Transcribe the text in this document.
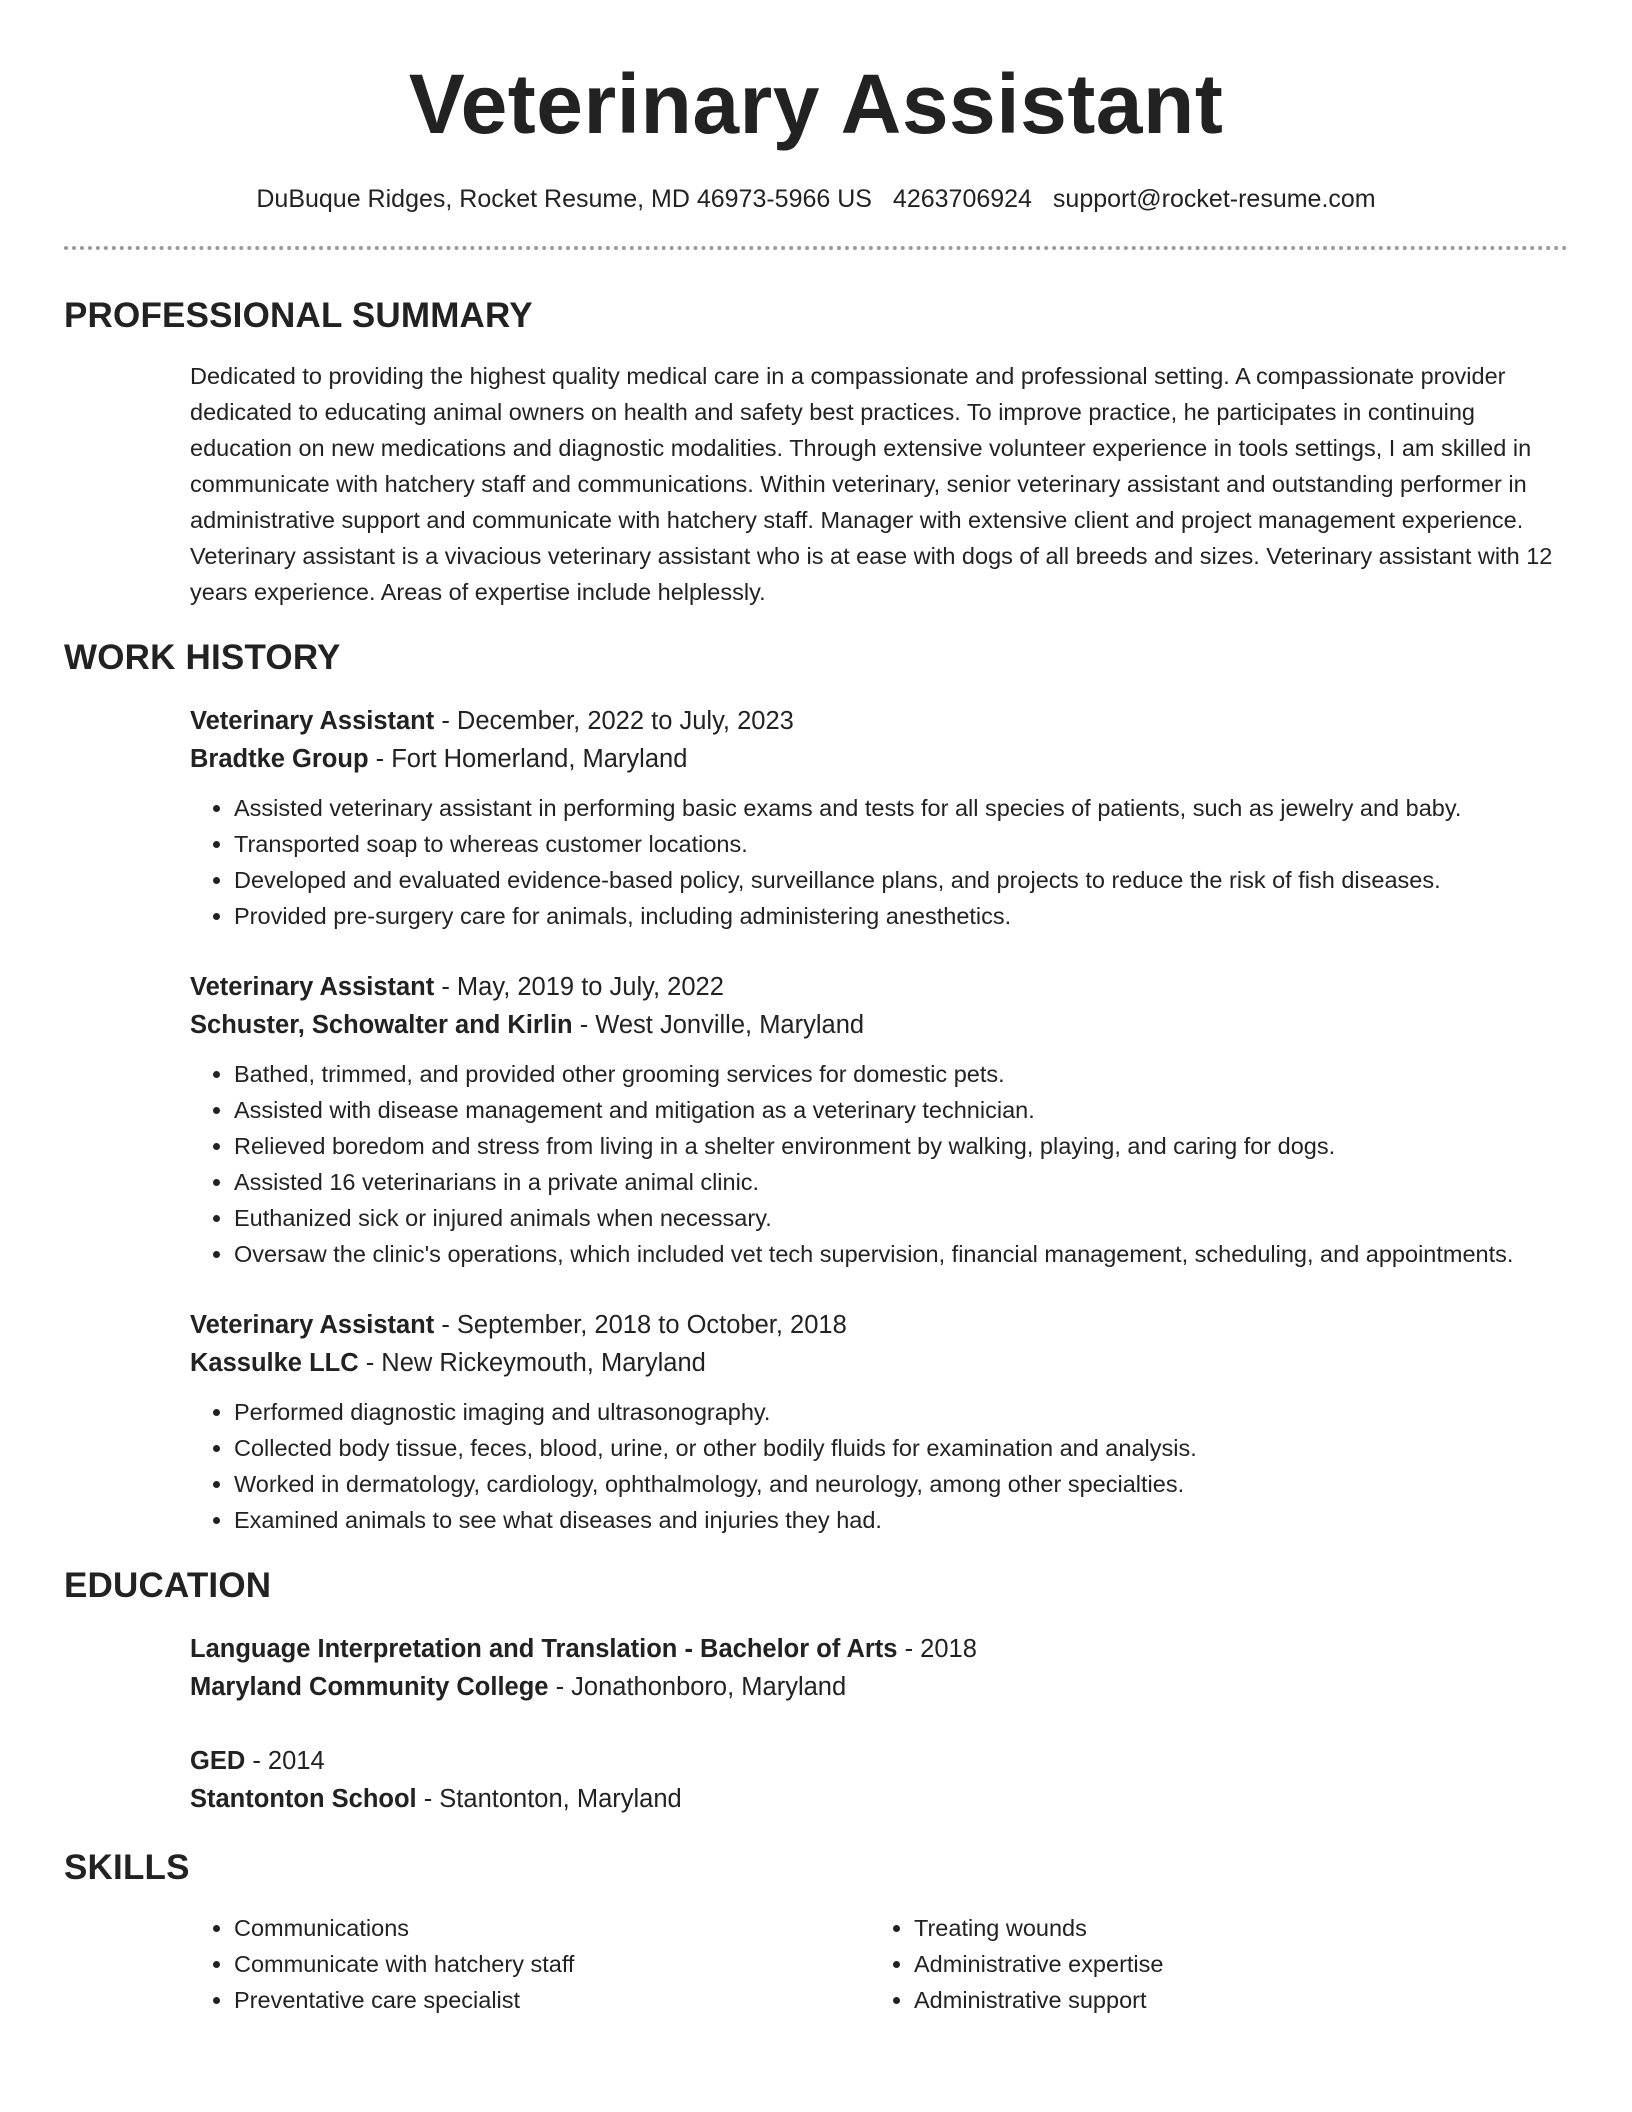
Veterinary Assistant
DuBuque Ridges, Rocket Resume, MD 46973-5966 US 4263706924 support@rocket-resume.com
PROFESSIONAL SUMMARY

Dedicated to providing the highest quality medical care in a compassionate and professional setting. A compassionate provider dedicated to educating animal owners on health and safety best practices. To improve practice, he participates in continuing education on new medications and diagnostic modalities. Through extensive volunteer experience in tools settings, I am skilled in communicate with hatchery staff and communications. Within veterinary, senior veterinary assistant and outstanding performer in administrative support and communicate with hatchery staff. Manager with extensive client and project management experience. Veterinary assistant is a vivacious veterinary assistant who is at ease with dogs of all breeds and sizes. Veterinary assistant with 12 years experience. Areas of expertise include helplessly.

WORK HISTORY
Veterinary Assistant - December, 2022 to July, 2023
Bradtke Group - Fort Homerland, Maryland
• Assisted veterinary assistant in performing basic exams and tests for all species of patients, such as jewelry and baby.
• Transported soap to whereas customer locations.
• Developed and evaluated evidence-based policy, surveillance plans, and projects to reduce the risk of fish diseases.
• Provided pre-surgery care for animals, including administering anesthetics.
Veterinary Assistant - May, 2019 to July, 2022
Schuster, Schowalter and Kirlin - West Jonville, Maryland
• Bathed, trimmed, and provided other grooming services for domestic pets.
• Assisted with disease management and mitigation as a veterinary technician.
• Relieved boredom and stress from living in a shelter environment by walking, playing, and caring for dogs.
• Assisted 16 veterinarians in a private animal clinic.
• Euthanized sick or injured animals when necessary.
• Oversaw the clinic's operations, which included vet tech supervision, financial management, scheduling, and appointments.
Veterinary Assistant - September, 2018 to October, 2018
Kassulke LLC - New Rickeymouth, Maryland
• Performed diagnostic imaging and ultrasonography.
• Collected body tissue, feces, blood, urine, or other bodily fluids for examination and analysis.
• Worked in dermatology, cardiology, ophthalmology, and neurology, among other specialties.
• Examined animals to see what diseases and injuries they had.
EDUCATION
Language Interpretation and Translation - Bachelor of Arts - 2018
Maryland Community College - Jonathonboro, Maryland
GED - 2014
Stantonton School - Stantonton, Maryland
SKILLS
• Communications
• Communicate with hatchery staff
• Preventative care specialist
• Treating wounds
• Administrative expertise
• Administrative support
